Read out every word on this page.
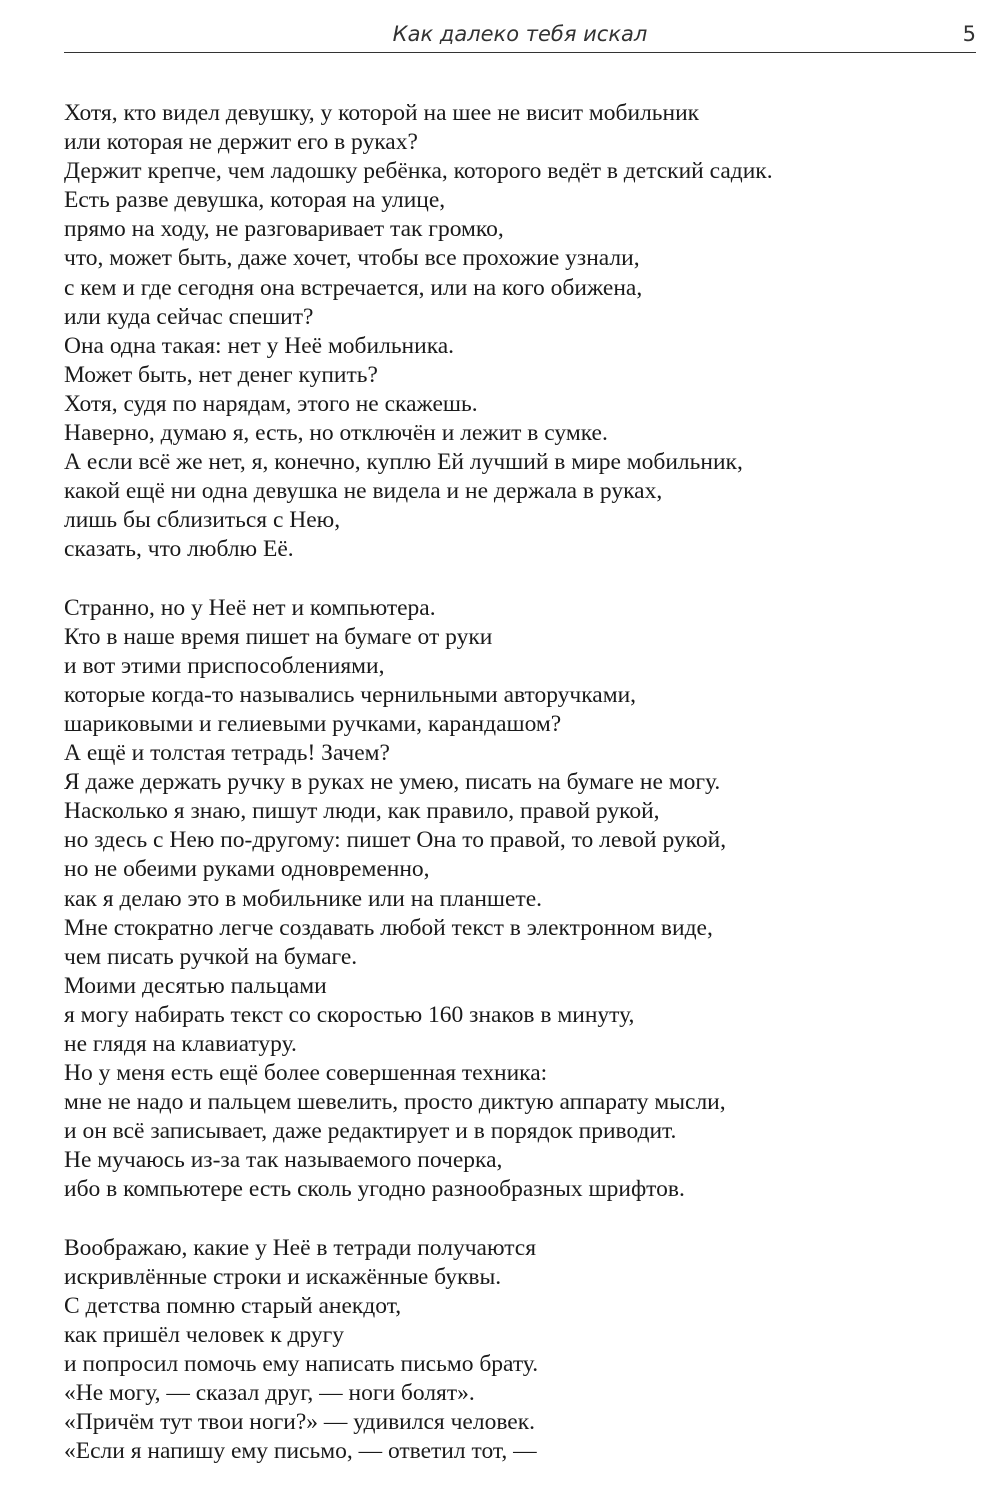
Как далеко тебя искал	5
Хотя, кто видел девушку, у которой на шее не висит мобильник
или которая не держит его в руках?
Держит крепче, чем ладошку ребёнка, которого ведёт в детский садик.
Есть разве девушка, которая на улице,
прямо на ходу, не разговаривает так громко,
что, может быть, даже хочет, чтобы все прохожие узнали,
с кем и где сегодня она встречается, или на кого обижена,
или куда сейчас спешит?
Она одна такая: нет у Неё мобильника.
Может быть, нет денег купить?
Хотя, судя по нарядам, этого не скажешь.
Наверно, думаю я, есть, но отключён и лежит в сумке.
А если всё же нет, я, конечно, куплю Ей лучший в мире мобильник,
какой ещё ни одна девушка не видела и не держала в руках,
лишь бы сблизиться с Нею,
сказать, что люблю Её.
Странно, но у Неё нет и компьютера.
Кто в наше время пишет на бумаге от руки
и вот этими приспособлениями,
которые когда-то назывались чернильными авторучками,
шариковыми и гелиевыми ручками, карандашом?
А ещё и толстая тетрадь! Зачем?
Я даже держать ручку в руках не умею, писать на бумаге не могу.
Насколько я знаю, пишут люди, как правило, правой рукой,
но здесь с Нею по-другому: пишет Она то правой, то левой рукой,
но не обеими руками одновременно,
как я делаю это в мобильнике или на планшете.
Мне стократно легче создавать любой текст в электронном виде,
чем писать ручкой на бумаге.
Моими десятью пальцами
я могу набирать текст со скоростью 160 знаков в минуту,
не глядя на клавиатуру.
Но у меня есть ещё более совершенная техника:
мне не надо и пальцем шевелить, просто диктую аппарату мысли,
и он всё записывает, даже редактирует и в порядок приводит.
Не мучаюсь из-за так называемого почерка,
ибо в компьютере есть сколь угодно разнообразных шрифтов.
Воображаю, какие у Неё в тетради получаются
искривлённые строки и искажённые буквы.
С детства помню старый анекдот,
как пришёл человек к другу
и попросил помочь ему написать письмо брату.
«Не могу, — сказал друг, — ноги болят».
«Причём тут твои ноги?» — удивился человек.
«Если я напишу ему письмо, — ответил тот, —
